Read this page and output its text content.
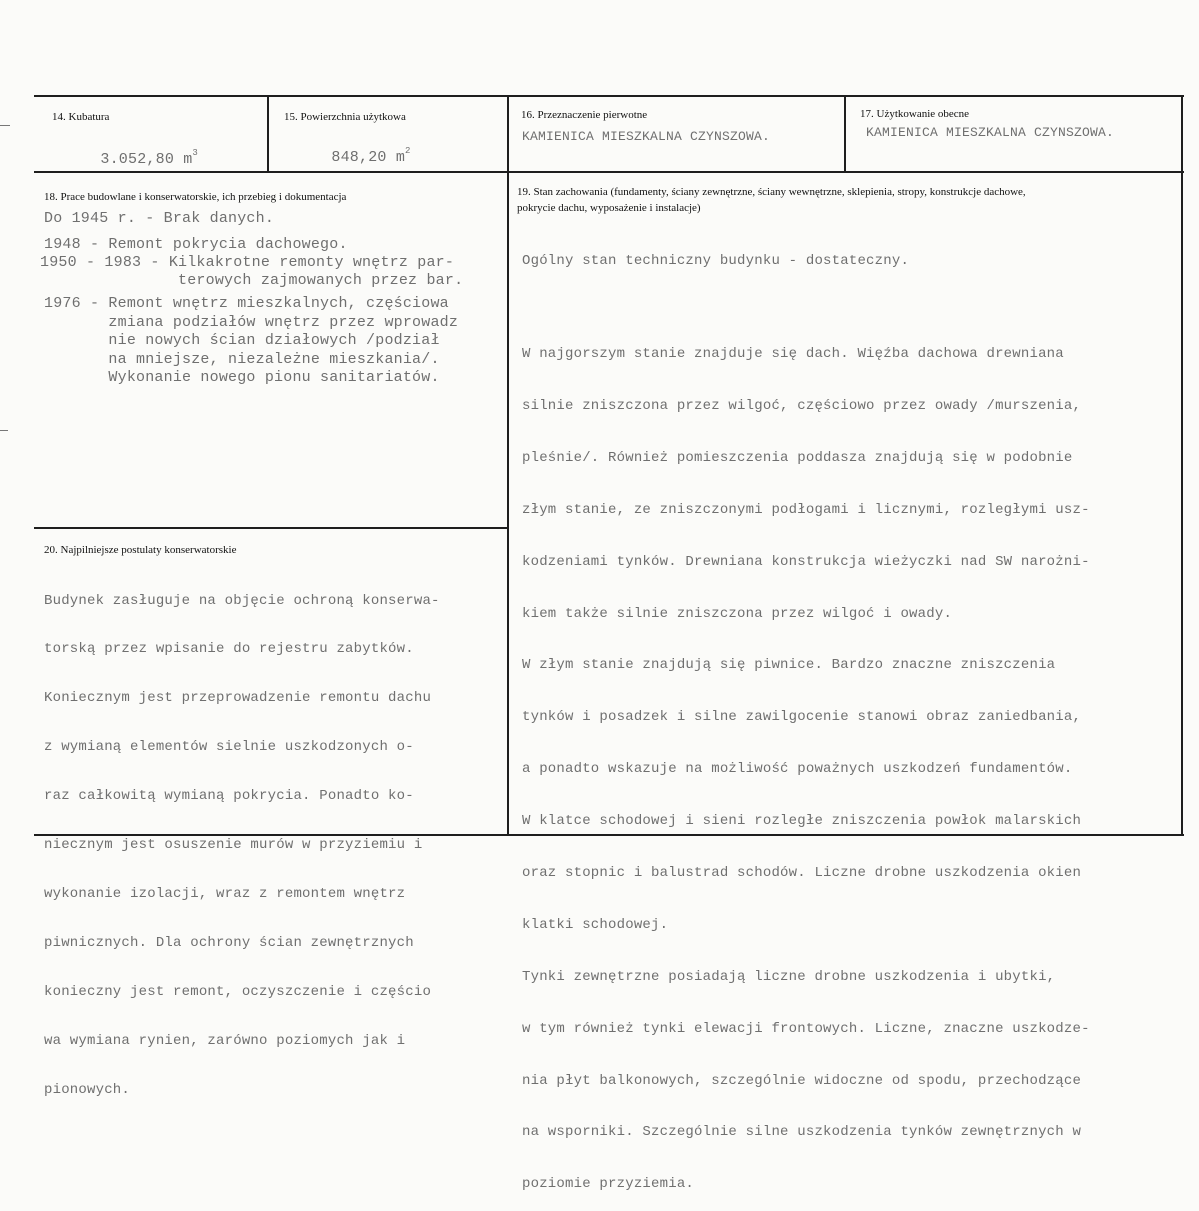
14. Kubatura

3.052,80 $m^3$

15. Powierzchnia użytkowa

848,20 $m^2$

16. Przeznaczenie pierwotne
KAMIENICA MIESZKALNA CZYNSZOWA.
17. Użytkowanie obecne
KAMIENICA MIESZKALNA CZYNSZOWA.
18. Prace budowlane i konserwatorskie, ich przebieg i dokumentacja
Do 1945 r. - Brak danych.
1948 - Remont pokrycia dachowego.
1950 - 1983 - Kilkakrotne remonty wnętrz par-
terowych zajmowanych przez bar.
1976 - Remont wnętrz mieszkalnych, częściowa
zmiana podziałów wnętrz przez wprowadz
nie nowych ścian działowych /podział
na mniejsze, niezależne mieszkania/.
Wykonanie nowego pionu sanitariatów.
19. Stan zachowania (fundamenty, ściany zewnętrzne, ściany wewnętrzne, sklepienia, stropy, konstrukcje dachowe, pokrycie dachu, wyposażenie i instalacje)

Ogólny stan techniczny budynku - dostateczny.

W najgorszym stanie znajduje się dach. Więźba dachowa drewniana

silnie zniszczona przez wilgoć, częściowo przez owady /murszenia,

pleśnie/. Również pomieszczenia poddasza znajdują się w podobnie

złym stanie, ze zniszczonymi podłogami i licznymi, rozległymi usz-

kodzeniami tynków. Drewniana konstrukcja wieżyczki nad SW narożni-

kiem także silnie zniszczona przez wilgoć i owady.

W złym stanie znajdują się piwnice. Bardzo znaczne zniszczenia

tynków i posadzek i silne zawilgocenie stanowi obraz zaniedbania,

a ponadto wskazuje na możliwość poważnych uszkodzeń fundamentów.

W klatce schodowej i sieni rozległe zniszczenia powłok malarskich

oraz stopnic i balustrad schodów. Liczne drobne uszkodzenia okien

klatki schodowej.

Tynki zewnętrzne posiadają liczne drobne uszkodzenia i ubytki,

w tym również tynki elewacji frontowych. Liczne, znaczne uszkodze-

nia płyt balkonowych, szczególnie widoczne od spodu, przechodzące

na wsporniki. Szczególnie silne uszkodzenia tynków zewnętrznych w

poziomie przyziemia.

20. Najpilniejsze postulaty konserwatorskie

Budynek zasługuje na objęcie ochroną konserwa-

torską przez wpisanie do rejestru zabytków.

Koniecznym jest przeprowadzenie remontu dachu

z wymianą elementów sielnie uszkodzonych o-

raz całkowitą wymianą pokrycia. Ponadto ko-

niecznym jest osuszenie murów w przyziemiu i

wykonanie izolacji, wraz z remontem wnętrz

piwnicznych. Dla ochrony ścian zewnętrznych

konieczny jest remont, oczyszczenie i częścio

wa wymiana rynien, zarówno poziomych jak i

pionowych.
